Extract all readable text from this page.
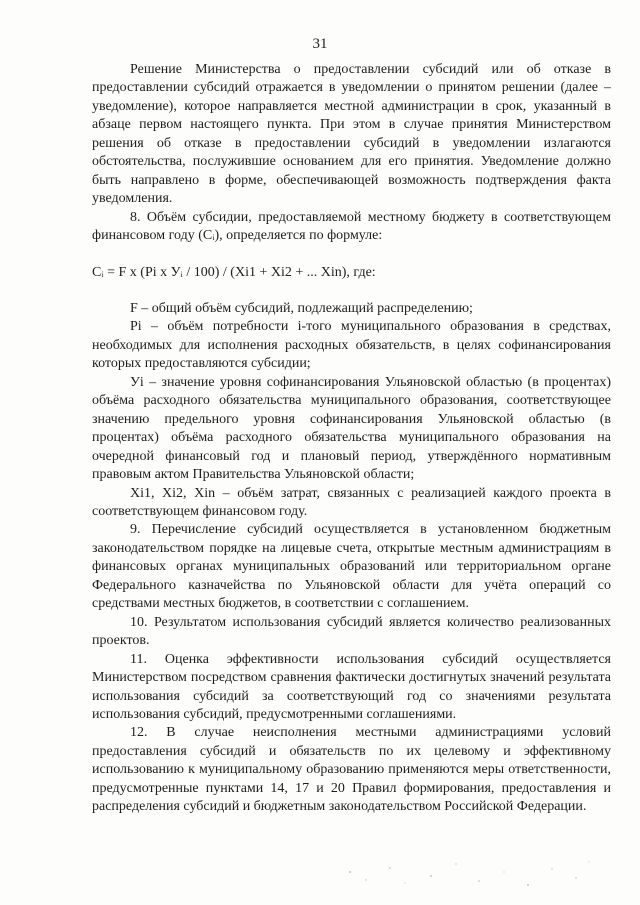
31

Решение Министерства о предоставлении субсидий или об отказе в предоставлении субсидий отражается в уведомлении о принятом решении (далее – уведомление), которое направляется местной администрации в срок, указанный в абзаце первом настоящего пункта. При этом в случае принятия Министерством решения об отказе в предоставлении субсидий в уведомлении излагаются обстоятельства, послужившие основанием для его принятия. Уведомление должно быть направлено в форме, обеспечивающей возможность подтверждения факта уведомления.

8. Объём субсидии, предоставляемой местному бюджету в соответствующем финансовом году (Cᵢ), определяется по формуле:

Cᵢ = F x (Pi x Уᵢ / 100) / (Xi1 + Xi2 + ... Xin), где:

F – общий объём субсидий, подлежащий распределению;

Pi – объём потребности i-того муниципального образования в средствах, необходимых для исполнения расходных обязательств, в целях софинансирования которых предоставляются субсидии;

Уi – значение уровня софинансирования Ульяновской областью (в процентах) объёма расходного обязательства муниципального образования, соответствующее значению предельного уровня софинансирования Ульяновской областью (в процентах) объёма расходного обязательства муниципального образования на очередной финансовый год и плановый период, утверждённого нормативным правовым актом Правительства Ульяновской области;

Xi1, Xi2, Xin – объём затрат, связанных с реализацией каждого проекта в соответствующем финансовом году.

9. Перечисление субсидий осуществляется в установленном бюджетным законодательством порядке на лицевые счета, открытые местным администрациям в финансовых органах муниципальных образований или территориальном органе Федерального казначейства по Ульяновской области для учёта операций со средствами местных бюджетов, в соответствии с соглашением.

10. Результатом использования субсидий является количество реализованных проектов.

11. Оценка эффективности использования субсидий осуществляется Министерством посредством сравнения фактически достигнутых значений результата использования субсидий за соответствующий год со значениями результата использования субсидий, предусмотренными соглашениями.

12. В случае неисполнения местными администрациями условий предоставления субсидий и обязательств по их целевому и эффективному использованию к муниципальному образованию применяются меры ответственности, предусмотренные пунктами 14, 17 и 20 Правил формирования, предоставления и распределения субсидий и бюджетным законодательством Российской Федерации.
